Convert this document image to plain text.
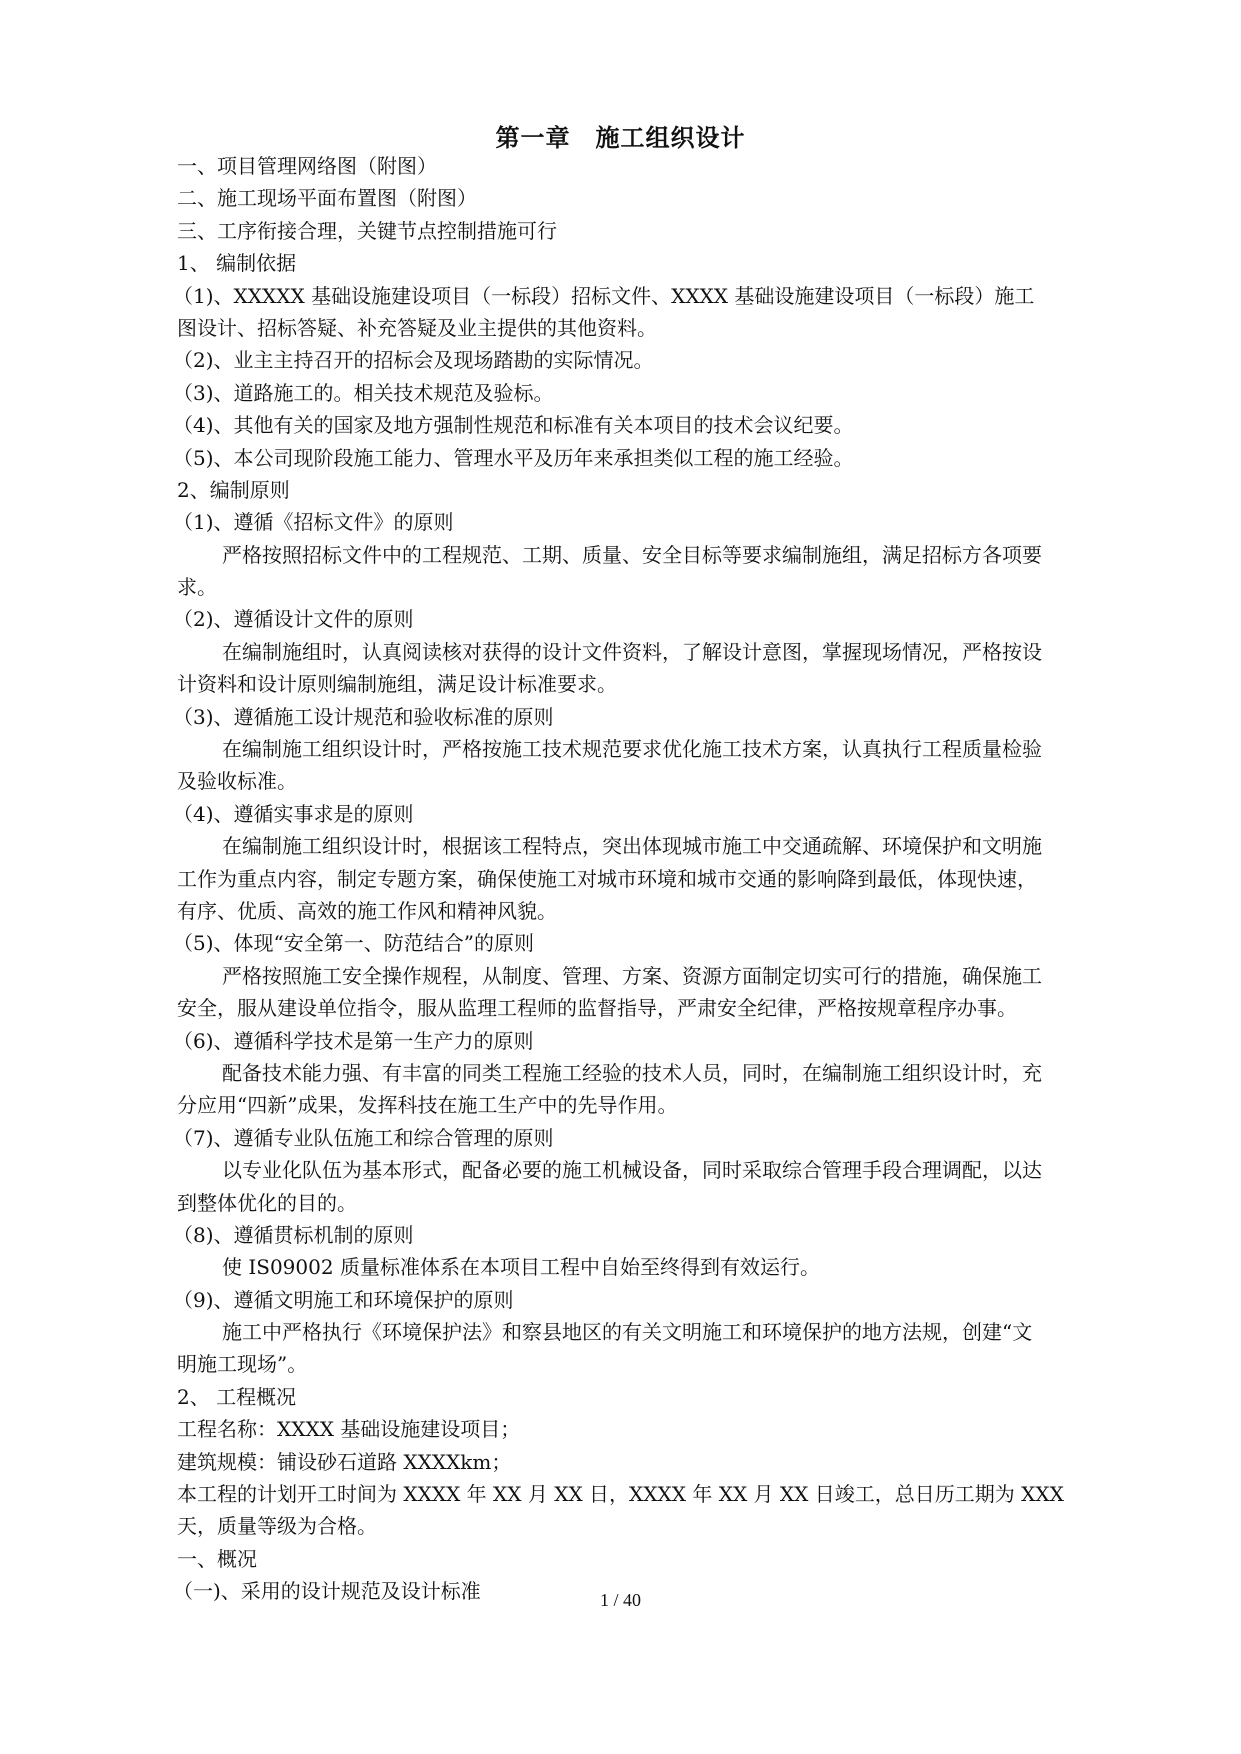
第一章　施工组织设计
一、项目管理网络图（附图）
二、施工现场平面布置图（附图）
三、工序衔接合理，关键节点控制措施可行
1、 编制依据
（1)、XXXXX 基础设施建设项目（一标段）招标文件、XXXX 基础设施建设项目（一标段）施工
图设计、招标答疑、补充答疑及业主提供的其他资料。
（2)、业主主持召开的招标会及现场踏勘的实际情况。
（3)、道路施工的。相关技术规范及验标。
（4)、其他有关的国家及地方强制性规范和标准有关本项目的技术会议纪要。
（5)、本公司现阶段施工能力、管理水平及历年来承担类似工程的施工经验。
2、编制原则
（1)、遵循《招标文件》的原则
严格按照招标文件中的工程规范、工期、质量、安全目标等要求编制施组，满足招标方各项要
求。
（2)、遵循设计文件的原则
在编制施组时，认真阅读核对获得的设计文件资料，了解设计意图，掌握现场情况，严格按设
计资料和设计原则编制施组，满足设计标准要求。
（3)、遵循施工设计规范和验收标准的原则
在编制施工组织设计时，严格按施工技术规范要求优化施工技术方案，认真执行工程质量检验
及验收标准。
（4)、遵循实事求是的原则
在编制施工组织设计时，根据该工程特点，突出体现城市施工中交通疏解、环境保护和文明施
工作为重点内容，制定专题方案，确保使施工对城市环境和城市交通的影响降到最低，体现快速，
有序、优质、高效的施工作风和精神风貌。
（5)、体现“安全第一、防范结合”的原则
严格按照施工安全操作规程，从制度、管理、方案、资源方面制定切实可行的措施，确保施工
安全，服从建设单位指令，服从监理工程师的监督指导，严肃安全纪律，严格按规章程序办事。
（6)、遵循科学技术是第一生产力的原则
配备技术能力强、有丰富的同类工程施工经验的技术人员，同时，在编制施工组织设计时，充
分应用“四新”成果，发挥科技在施工生产中的先导作用。
（7)、遵循专业队伍施工和综合管理的原则
以专业化队伍为基本形式，配备必要的施工机械设备，同时采取综合管理手段合理调配，以达
到整体优化的目的。
（8)、遵循贯标机制的原则
使 IS09002 质量标准体系在本项目工程中自始至终得到有效运行。
（9)、遵循文明施工和环境保护的原则
施工中严格执行《环境保护法》和察县地区的有关文明施工和环境保护的地方法规，创建“文
明施工现场”。
2、 工程概况
工程名称：XXXX 基础设施建设项目；
建筑规模：铺设砂石道路 XXXXkm；
本工程的计划开工时间为 XXXX 年 XX 月 XX 日，XXXX 年 XX 月 XX 日竣工，总日历工期为 XXX
天，质量等级为合格。
一、概况
（一)、采用的设计规范及设计标准	1 / 40
